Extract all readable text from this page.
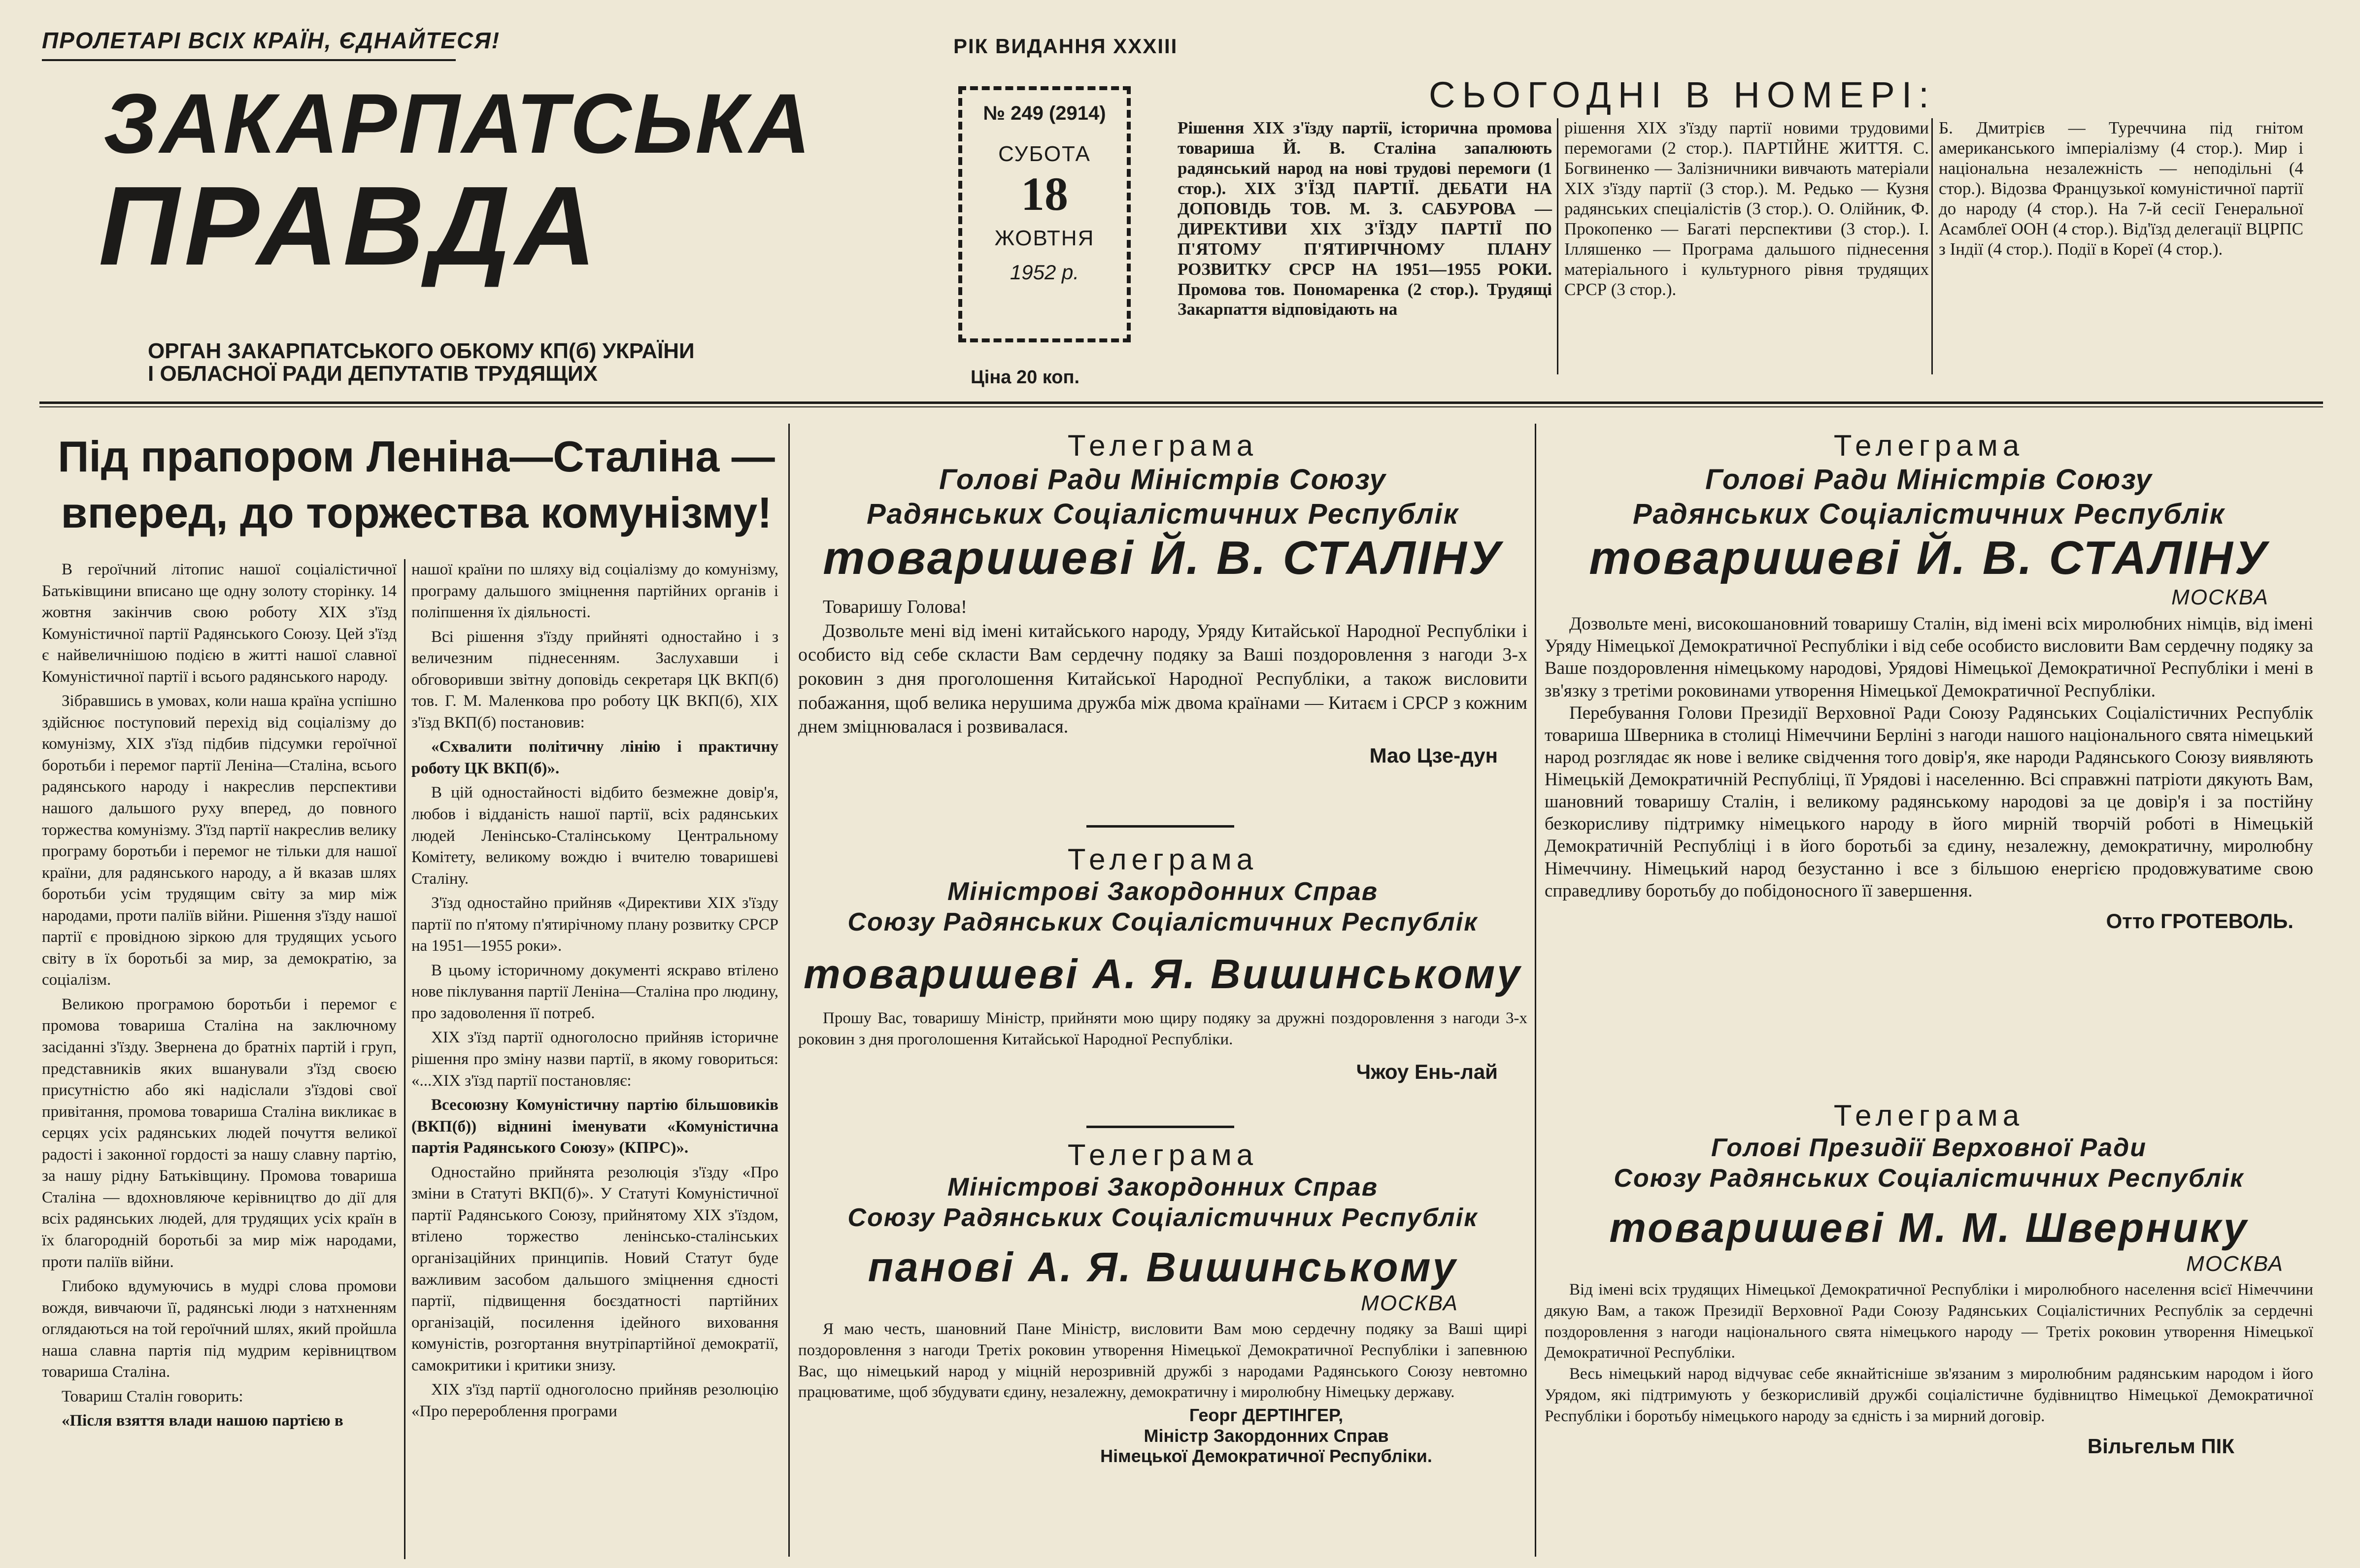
ПРОЛЕТАРІ ВСІХ КРАЇН, ЄДНАЙТЕСЯ!	РІК ВИДАННЯ XXXIII
ЗАКАРПАТСЬКА
ПРАВДА
ОРГАН ЗАКАРПАТСЬКОГО ОБКОМУ КП(б) УКРАЇНИ
І ОБЛАСНОЇ РАДИ ДЕПУТАТІВ ТРУДЯЩИХ
№ 249 (2914)
СУБОТА
18
ЖОВТНЯ
1952 р.
Ціна 20 коп.
СЬОГОДНІ В НОМЕРІ:
Рішення XIX з'їзду партії, історична промова товариша Й. В. Сталіна запалюють радянський народ на нові трудові перемоги (1 стор.). XIX З'ЇЗД ПАРТІЇ. ДЕБАТИ НА ДОПОВІДЬ ТОВ. М. З. САБУРОВА — ДИРЕКТИВИ XIX З'ЇЗДУ ПАРТІЇ ПО П'ЯТОМУ П'ЯТИРІЧНОМУ ПЛАНУ РОЗВИТКУ СРСР НА 1951—1955 РОКИ. Промова тов. Пономаренка (2 стор.). Трудящі Закарпаття відповідають на
рішення XIX з'їзду партії новими трудовими перемогами (2 стор.). ПАРТІЙНЕ ЖИТТЯ. С. Богвиненко — Залізничники вивчають матеріали XIX з'їзду партії (3 стор.). М. Редько — Кузня радянських спеціалістів (3 стор.). О. Олійник, Ф. Прокопенко — Багаті перспективи (3 стор.). І. Ілляшенко — Програма дальшого піднесення матеріального і культурного рівня трудящих СРСР (3 стор.).
Б. Дмитрієв — Туреччина під гнітом американського імперіалізму (4 стор.). Мир і національна незалежність — неподільні (4 стор.). Відозва Французької комуністичної партії до народу (4 стор.). На 7-й сесії Генеральної Асамблеї ООН (4 стор.). Від'їзд делегації ВЦРПС з Індії (4 стор.). Події в Кореї (4 стор.).
Під прапором Леніна—Сталіна —
вперед, до торжества комунізму!

В героїчний літопис нашої соціалістичної Батьківщини вписано ще одну золоту сторінку. 14 жовтня закінчив свою роботу XIX з'їзд Комуністичної партії Радянського Союзу. Цей з'їзд є найвеличнішою подією в житті нашої славної Комуністичної партії і всього радянського народу.

Зібравшись в умовах, коли наша країна успішно здійснює поступовий перехід від соціалізму до комунізму, XIX з'їзд підбив підсумки героїчної боротьби і перемог партії Леніна—Сталіна, всього радянського народу і накреслив перспективи нашого дальшого руху вперед, до повного торжества комунізму. З'їзд партії накреслив велику програму боротьби і перемог не тільки для нашої країни, для радянського народу, а й вказав шлях боротьби усім трудящим світу за мир між народами, проти паліїв війни. Рішення з'їзду нашої партії є провідною зіркою для трудящих усього світу в їх боротьбі за мир, за демократію, за соціалізм.

Великою програмою боротьби і перемог є промова товариша Сталіна на заключному засіданні з'їзду. Звернена до братніх партій і груп, представників яких вшанували з'їзд своєю присутністю або які надіслали з'їздові свої привітання, промова товариша Сталіна викликає в серцях усіх радянських людей почуття великої радості і законної гордості за нашу славну партію, за нашу рідну Батьківщину. Промова товариша Сталіна — вдохновляюче керівництво до дії для всіх радянських людей, для трудящих усіх країн в їх благородній боротьбі за мир між народами, проти паліїв війни.

Глибоко вдумуючись в мудрі слова промови вождя, вивчаючи її, радянські люди з натхненням оглядаються на той героїчний шлях, який пройшла наша славна партія під мудрим керівництвом товариша Сталіна.

Товариш Сталін говорить:

«Після взяття влади нашою партією в

нашої країни по шляху від соціалізму до комунізму, програму дальшого зміцнення партійних органів і поліпшення їх діяльності.

Всі рішення з'їзду прийняті одностайно і з величезним піднесенням. Заслухавши і обговоривши звітну доповідь секретаря ЦК ВКП(б) тов. Г. М. Маленкова про роботу ЦК ВКП(б), XIX з'їзд ВКП(б) постановив:

«Схвалити політичну лінію і практичну роботу ЦК ВКП(б)».

В цій одностайності відбито безмежне довір'я, любов і відданість нашої партії, всіх радянських людей Ленінсько-Сталінському Центральному Комітету, великому вождю і вчителю товаришеві Сталіну.

З'їзд одностайно прийняв «Директиви XIX з'їзду партії по п'ятому п'ятирічному плану розвитку СРСР на 1951—1955 роки».

В цьому історичному документі яскраво втілено нове піклування партії Леніна—Сталіна про людину, про задоволення її потреб.

XIX з'їзд партії одноголосно прийняв історичне рішення про зміну назви партії, в якому говориться: «...XIX з'їзд партії постановляє:

Всесоюзну Комуністичну партію більшовиків (ВКП(б)) віднині іменувати «Комуністична партія Радянського Союзу» (КПРС)».

Одностайно прийнята резолюція з'їзду «Про зміни в Статуті ВКП(б)». У Статуті Комуністичної партії Радянського Союзу, прийнятому XIX з'їздом, втілено торжество ленінсько-сталінських організаційних принципів. Новий Статут буде важливим засобом дальшого зміцнення єдності партії, підвищення боєздатності партійних організацій, посилення ідейного виховання комуністів, розгортання внутріпартійної демократії, самокритики і критики знизу.

XIX з'їзд партії одноголосно прийняв резолюцію «Про перероблення програми

Телеграма
Голові Ради Міністрів Союзу
Радянських Соціалістичних Республік
товаришеві Й. В. СТАЛІНУ

Товаришу Голова!

Дозвольте мені від імені китайського народу, Уряду Китайської Народної Республіки і особисто від себе скласти Вам сердечну подяку за Ваші поздоровлення з нагоди 3-х роковин з дня проголошення Китайської Народної Республіки, а також висловити побажання, щоб велика нерушима дружба між двома країнами — Китаєм і СРСР з кожним днем зміцнювалася і розвивалася.

Мао Цзе-дун
Телеграма
Міністрові Закордонних Справ
Союзу Радянських Соціалістичних Республік
товаришеві А. Я. Вишинському

Прошу Вас, товаришу Міністр, прийняти мою щиру подяку за дружні поздоровлення з нагоди 3-х роковин з дня проголошення Китайської Народної Республіки.

Чжоу Ень-лай
Телеграма
Міністрові Закордонних Справ
Союзу Радянських Соціалістичних Республік
панові А. Я. Вишинському
МОСКВА

Я маю честь, шановний Пане Міністр, висловити Вам мою сердечну подяку за Ваші щирі поздоровлення з нагоди Третіх роковин утворення Німецької Демократичної Республіки і запевнюю Вас, що німецький народ у міцній нерозривній дружбі з народами Радянського Союзу невтомно працюватиме, щоб збудувати єдину, незалежну, демократичну і миролюбну Німецьку державу.

Георг ДЕРТІНГЕР,
Міністр Закордонних Справ
Німецької Демократичної Республіки.
Телеграма
Голові Ради Міністрів Союзу
Радянських Соціалістичних Республік
товаришеві Й. В. СТАЛІНУ
МОСКВА

Дозвольте мені, високошановний товаришу Сталін, від імені всіх миролюбних німців, від імені Уряду Німецької Демократичної Республіки і від себе особисто висловити Вам сердечну подяку за Ваше поздоровлення німецькому народові, Урядові Німецької Демократичної Республіки і мені в зв'язку з третіми роковинами утворення Німецької Демократичної Республіки.

Перебування Голови Президії Верховної Ради Союзу Радянських Соціалістичних Республік товариша Шверника в столиці Німеччини Берліні з нагоди нашого національного свята німецький народ розглядає як нове і велике свідчення того довір'я, яке народи Радянського Союзу виявляють Німецькій Демократичній Республіці, її Урядові і населенню. Всі справжні патріоти дякують Вам, шановний товаришу Сталін, і великому радянському народові за це довір'я і за постійну безкорисливу підтримку німецького народу в його мирній творчій роботі в Німецькій Демократичній Республіці і в його боротьбі за єдину, незалежну, демократичну, миролюбну Німеччину. Німецький народ безустанно і все з більшою енергією продовжуватиме свою справедливу боротьбу до побідоносного її завершення.

Отто ГРОТЕВОЛЬ.
Телеграма
Голові Президії Верховної Ради
Союзу Радянських Соціалістичних Республік
товаришеві М. М. Швернику
МОСКВА

Від імені всіх трудящих Німецької Демократичної Республіки і миролюбного населення всієї Німеччини дякую Вам, а також Президії Верховної Ради Союзу Радянських Соціалістичних Республік за сердечні поздоровлення з нагоди національного свята німецького народу — Третіх роковин утворення Німецької Демократичної Республіки.

Весь німецький народ відчуває себе якнайтісніше зв'язаним з миролюбним радянським народом і його Урядом, які підтримують у безкорисливій дружбі соціалістичне будівництво Німецької Демократичної Республіки і боротьбу німецького народу за єдність і за мирний договір.

Вільгельм ПІК
